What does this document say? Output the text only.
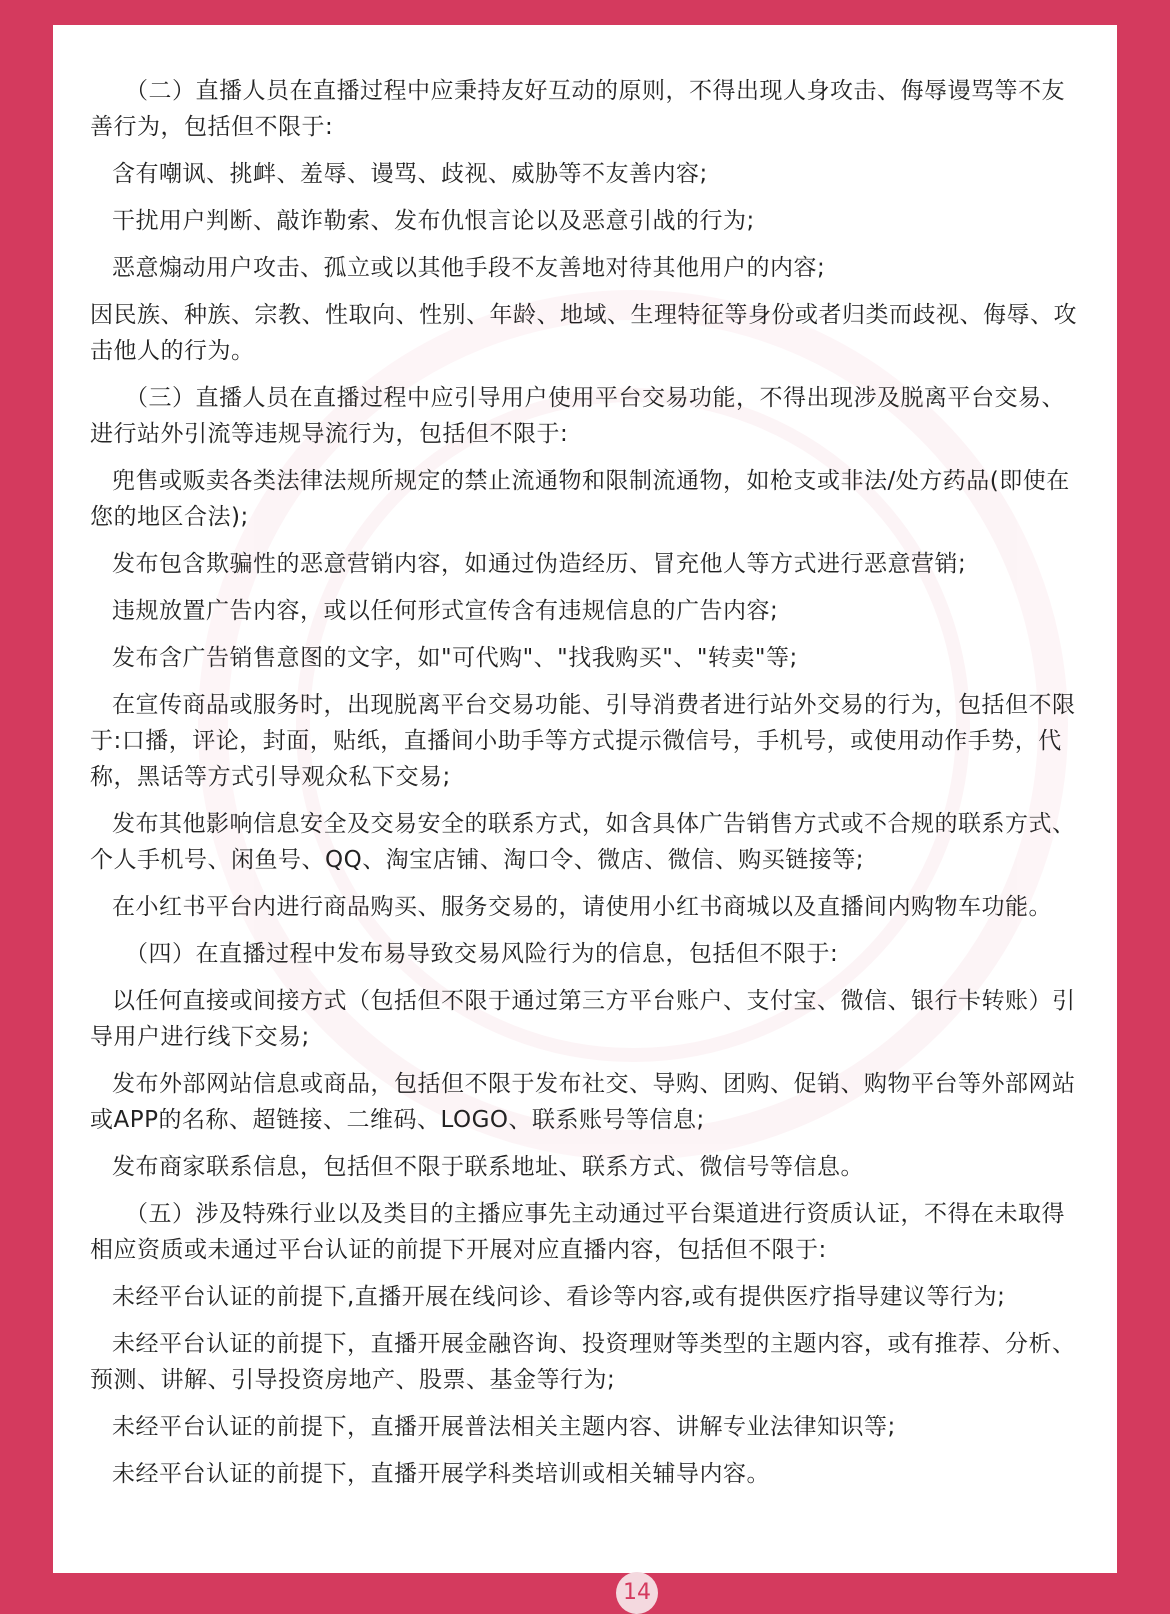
（二）直播人员在直播过程中应秉持友好互动的原则，不得出现人身攻击、侮辱谩骂等不友善行为，包括但不限于:

含有嘲讽、挑衅、羞辱、谩骂、歧视、威胁等不友善内容;

干扰用户判断、敲诈勒索、发布仇恨言论以及恶意引战的行为;

恶意煽动用户攻击、孤立或以其他手段不友善地对待其他用户的内容;

因民族、种族、宗教、性取向、性别、年龄、地域、生理特征等身份或者归类而歧视、侮辱、攻击他人的行为。

（三）直播人员在直播过程中应引导用户使用平台交易功能，不得出现涉及脱离平台交易、进行站外引流等违规导流行为，包括但不限于:

兜售或贩卖各类法律法规所规定的禁止流通物和限制流通物，如枪支或非法/处方药品(即使在您的地区合法);

发布包含欺骗性的恶意营销内容，如通过伪造经历、冒充他人等方式进行恶意营销;

违规放置广告内容，或以任何形式宣传含有违规信息的广告内容;

发布含广告销售意图的文字，如"可代购"、"找我购买"、"转卖"等;

在宣传商品或服务时，出现脱离平台交易功能、引导消费者进行站外交易的行为，包括但不限于:口播，评论，封面，贴纸，直播间小助手等方式提示微信号，手机号，或使用动作手势，代称，黑话等方式引导观众私下交易;

发布其他影响信息安全及交易安全的联系方式，如含具体广告销售方式或不合规的联系方式、个人手机号、闲鱼号、QQ、淘宝店铺、淘口令、微店、微信、购买链接等;

在小红书平台内进行商品购买、服务交易的，请使用小红书商城以及直播间内购物车功能。

（四）在直播过程中发布易导致交易风险行为的信息，包括但不限于:

以任何直接或间接方式（包括但不限于通过第三方平台账户、支付宝、微信、银行卡转账）引导用户进行线下交易;

发布外部网站信息或商品，包括但不限于发布社交、导购、团购、促销、购物平台等外部网站或APP的名称、超链接、二维码、LOGO、联系账号等信息;

发布商家联系信息，包括但不限于联系地址、联系方式、微信号等信息。

（五）涉及特殊行业以及类目的主播应事先主动通过平台渠道进行资质认证，不得在未取得相应资质或未通过平台认证的前提下开展对应直播内容，包括但不限于:

未经平台认证的前提下,直播开展在线问诊、看诊等内容,或有提供医疗指导建议等行为;

未经平台认证的前提下，直播开展金融咨询、投资理财等类型的主题内容，或有推荐、分析、预测、讲解、引导投资房地产、股票、基金等行为;

未经平台认证的前提下，直播开展普法相关主题内容、讲解专业法律知识等;

未经平台认证的前提下，直播开展学科类培训或相关辅导内容。

14
